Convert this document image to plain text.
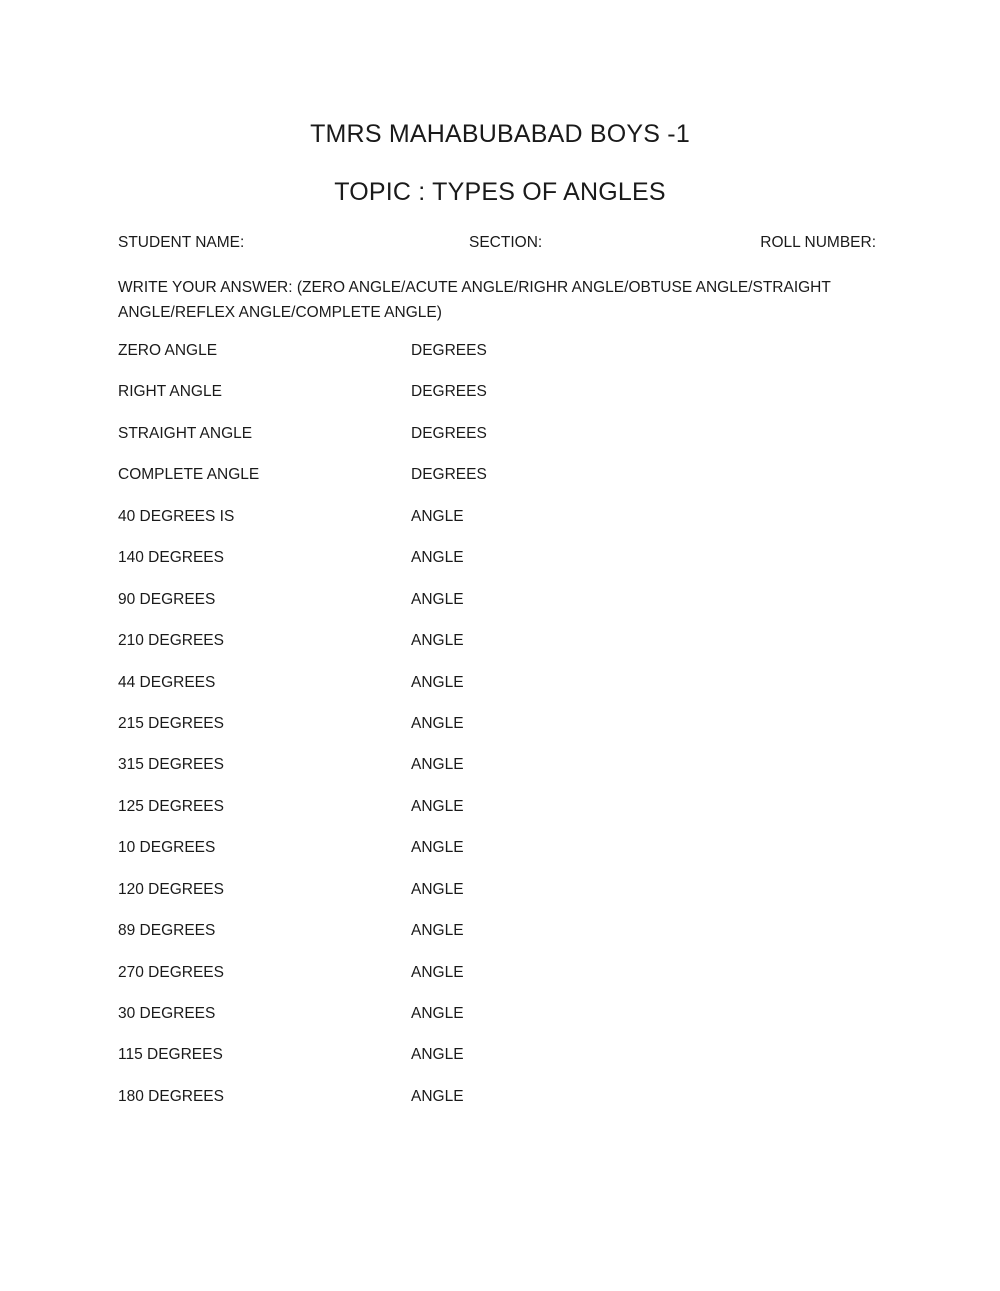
TMRS MAHABUBABAD BOYS -1
TOPIC : TYPES OF ANGLES
STUDENT NAME:	SECTION:	ROLL NUMBER:
WRITE YOUR ANSWER: (ZERO ANGLE/ACUTE ANGLE/RIGHR ANGLE/OBTUSE ANGLE/STRAIGHT ANGLE/REFLEX ANGLE/COMPLETE ANGLE)
ZERO ANGLE	DEGREES
RIGHT ANGLE	DEGREES
STRAIGHT ANGLE	DEGREES
COMPLETE ANGLE	DEGREES
40 DEGREES IS	ANGLE
140 DEGREES	ANGLE
90 DEGREES	ANGLE
210 DEGREES	ANGLE
44 DEGREES	ANGLE
215 DEGREES	ANGLE
315 DEGREES	ANGLE
125 DEGREES	ANGLE
10 DEGREES	ANGLE
120 DEGREES	ANGLE
89 DEGREES	ANGLE
270 DEGREES	ANGLE
30 DEGREES	ANGLE
115 DEGREES	ANGLE
180 DEGREES	ANGLE
